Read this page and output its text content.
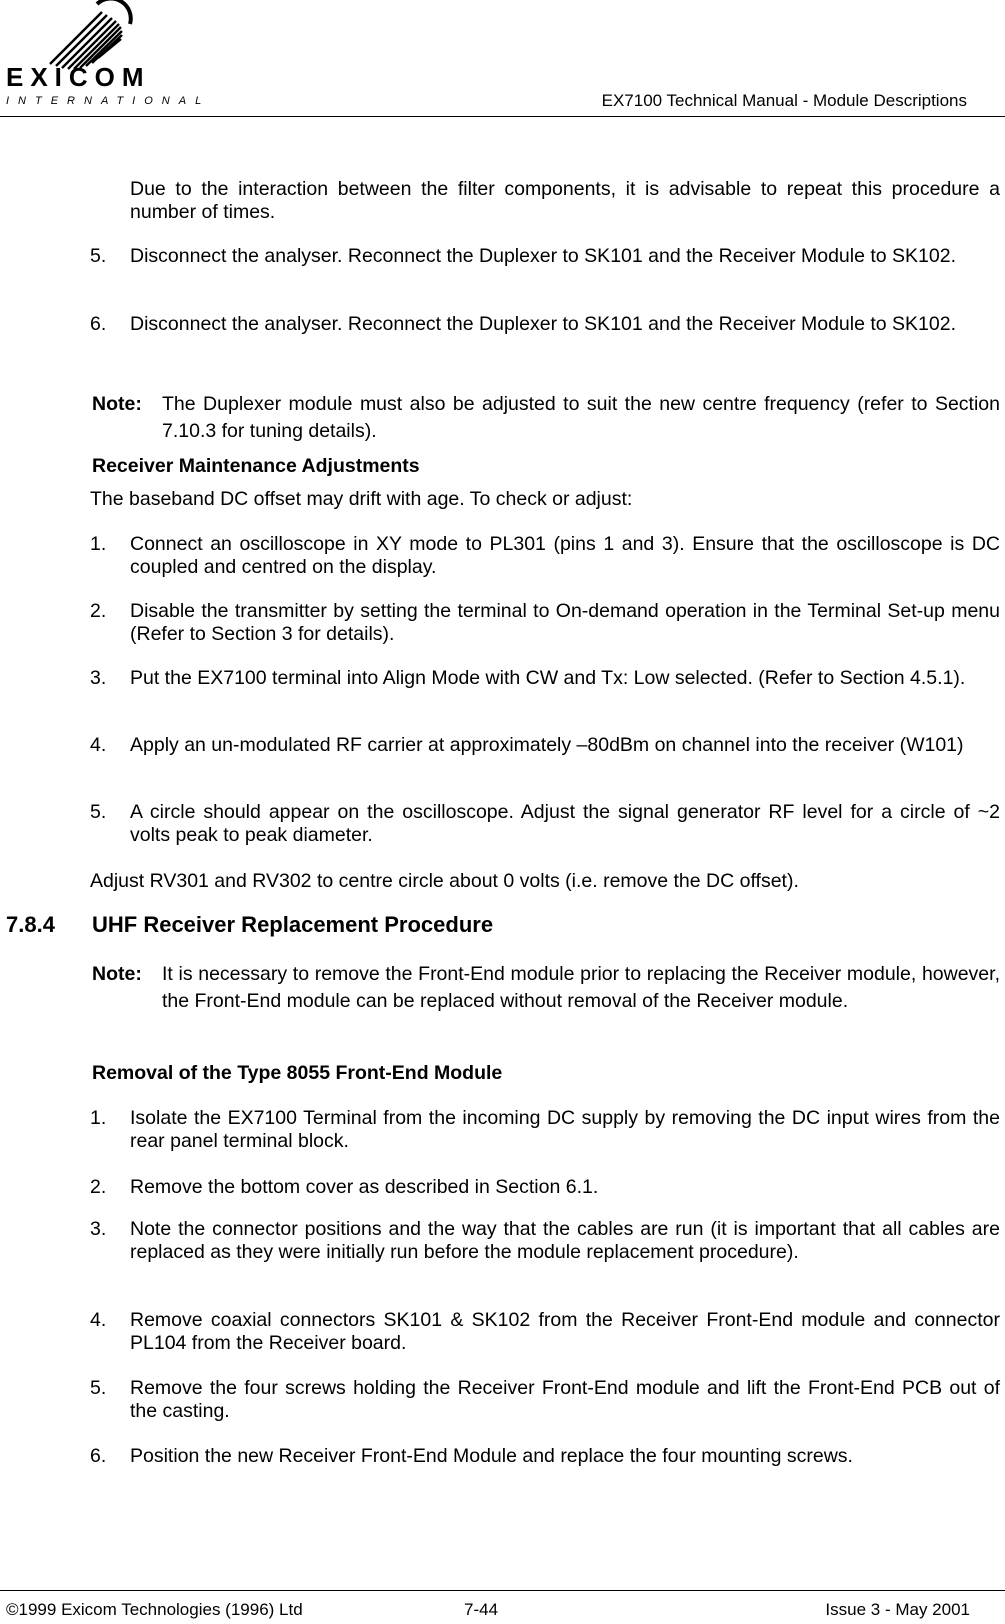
EXICOM
INTERNATIONAL	EX7100 Technical Manual - Module Descriptions
Due to the interaction between the filter components, it is advisable to repeat this procedure a number of times.
5. Disconnect the analyser. Reconnect the Duplexer to SK101 and the Receiver Module to SK102.
6. Disconnect the analyser. Reconnect the Duplexer to SK101 and the Receiver Module to SK102.
Note: The Duplexer module must also be adjusted to suit the new centre frequency (refer to Section 7.10.3 for tuning details).
Receiver Maintenance Adjustments
The baseband DC offset may drift with age. To check or adjust:
1. Connect an oscilloscope in XY mode to PL301 (pins 1 and 3). Ensure that the oscilloscope is DC coupled and centred on the display.
2. Disable the transmitter by setting the terminal to On-demand operation in the Terminal Set-up menu (Refer to Section 3 for details).
3. Put the EX7100 terminal into Align Mode with CW and Tx: Low selected. (Refer to Section 4.5.1).
4. Apply an un-modulated RF carrier at approximately –80dBm on channel into the receiver (W101)
5. A circle should appear on the oscilloscope. Adjust the signal generator RF level for a circle of ~2 volts peak to peak diameter.
Adjust RV301 and RV302 to centre circle about 0 volts (i.e. remove the DC offset).
7.8.4 UHF Receiver Replacement Procedure
Note: It is necessary to remove the Front-End module prior to replacing the Receiver module, however, the Front-End module can be replaced without removal of the Receiver module.
Removal of the Type 8055 Front-End Module
1. Isolate the EX7100 Terminal from the incoming DC supply by removing the DC input wires from the rear panel terminal block.
2. Remove the bottom cover as described in Section 6.1.
3. Note the connector positions and the way that the cables are run (it is important that all cables are replaced as they were initially run before the module replacement procedure).
4. Remove coaxial connectors SK101 & SK102 from the Receiver Front-End module and connector PL104 from the Receiver board.
5. Remove the four screws holding the Receiver Front-End module and lift the Front-End PCB out of the casting.
6. Position the new Receiver Front-End Module and replace the four mounting screws.
©1999 Exicom Technologies (1996) Ltd	7-44	Issue 3 - May 2001
